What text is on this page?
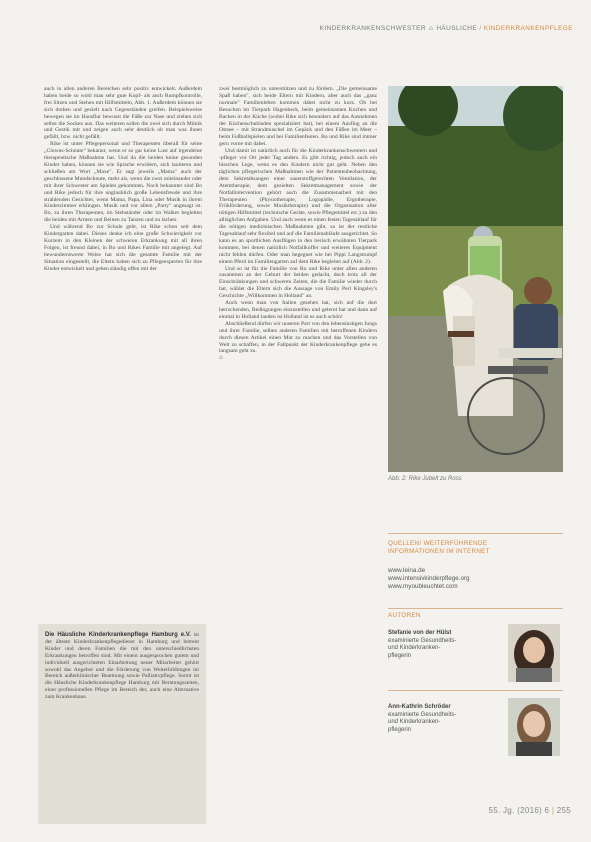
KINDERKRANKENSCHWESTER ⌂ HÄUSLICHE / KINDERKRANKENPFLEGE

auch in allen anderen Bereichen sehr positiv entwickelt. Außerdem haben beide so wohl man sehr gute Kopf- als auch Rumpfkontrolle, frei Sitzen und Stehen mit Hilfsmitteln, Abb. 1. Außerdem können sie sich drehen und gezielt nach Gegenständen greifen. Beispielsweise bewegen sie im Hausflur bewusst die Füße zur Nase und ziehen sich selbst die Socken aus. Das weiteren sollen die zwei sich durch Mimik und Gestik mit und zeigen auch sehr deutlich ob man was ihnen gefällt, bzw. nicht gefällt.

Rike ist unter Pflegepersonal und Therapeuten überall für seine „Clowns-Schnute" bekannt, wenn er so gar keine Lust auf irgendeine therapeutische Maßnahme hat. Und da die beiden keine gesunden Kinder haben, können sie wie Sprache erwidern, sich lautieren und schließen am Wort „Maxe". Er sagt jeweils „Mama" auch der geschlossene Mundschnute, mehr als, wenn die zwei miteinander oder mit ihrer Schwester am Spielen gekommen. Noch bekannter sind Bo und Rike jedoch für ihre unglaublich große Lebensfreude und ihre strahlenden Gesichter, wenn Mama, Papa, Lina oder Musik in ihrem Kinderzimmer erklingen. Musik und vor allem „Party" angesagt ist. Bo, zu ihren Therapeuten, im Stehständer oder im Walker begleiten die beiden mit Armen und Beinen zu Tanzen und zu lachen.

Und während Bo zur Schule geht, ist Rike schon seit dem Kindergarten dabei. Dieses denke ich eine große Schwierigkeit vor Kurzem in den Kleinen der schweren Erkrankung mit all ihren Folgen, ist freund dabei, in Bo und Rikes Familie mit angelegt. Auf bewundernswerte Weise hat sich die gesamte Familie mit der Situation eingestellt, die Eltern haben sich zu Pflegeexperten für ihre Kinder entwickelt und gehen ständig offen mit der

Die Häusliche Kinderkrankenpflege Hamburg e.V. ist der älteste Kinderkrankenpflegedienst in Hamburg und betreut Kinder und deren Familien die mit den unterschiedlichsten Erkrankungen betroffen sind. Mit einem ausgesprochen gutem und individuell ausgerichteten Einarbeitung neuer Mitarbeiter gehört sowohl das Angebot und die Förderung von Weiterbildungen im Bereich außerklinischer Beatmung sowie Palliativpflege. Somit ist die Häusliche Kinderkrankenpflege Hamburg mit Beratungszeiten, einer professionellen Pflege im Bereich der, auch eine Alternative zum Krankenhaus.

zwei bestmöglich zu unterstützen und zu fördern. „Die gemeinsame Spaß haben", sich beide Eltern mit Kindern, aber auch das „ganz normale" Familienleben kommen dabei nicht zu kurz. Ob bei Besuchen im Tierpark Hagenbeck, beim gemeinsamen Kochen und Backen in der Küche (wobei Rike sich besonders auf das Ausnehmen der Küchenschubladen spezialisiert hat), bei einem Ausflug an die Ostsee – mit Strandmuschel im Gepäck und den Füßen im Meer – beim Fußballspielen und bei Familienfesten. Bo und Rike sind immer gern vorne mit dabei.

Und damit ist natürlich auch für die Kinderkrankenschwestern und -pfleger vor Ort jeder Tag anders. Es gibt richtig, jedoch auch ein bisschen Lege, wenn es den Kindern nicht gut geht. Neben den täglichen pflegerischen Maßnahmen wie der Patientenbeobachtung, dem Sekretabsaugen einer sauerstoffgerechten Ventilation, der Atemtherapie, dem gezielten Sekretmanagement sowie der Notfallintervention gehört auch die Zusammenarbeit mit den Therapeuten (Physiotherapie, Logopädie, Ergotherapie, Frühförderung, sowie Musiktherapie) und die Organisation aller nötigen Hilfsmittel (technische Geräte, sowie Pflegemittel etc.) zu den alltäglichen Aufgaben. Und auch wenn es einen festen Tagesablauf für die nötigen medizinischen Maßnahmen gibt, so ist der restliche Tagesablauf sehr flexibel und auf die Familienabläufe ausgerichtet. So kann es an sportlichen Ausflügen in den tierisch erwähnten Tierpark kommen, bei denen natürlich Notfallkoffer und weiteres Equipment nicht fehlen dürfen. Oder man begegnet wie bei Pippi Langstrumpf einem Pferd im Familiengarten auf dem Rike begleitet auf (Abb. 2).

Und so ist für die Familie von Bo und Rike unter allen anderen zusammen an der Geburt der beiden gedacht, doch trotz all der Einschränkungen und schweren Zeiten, die die Familie wieder durch hat, wählet die Eltern sich die Aussage von Emily Perl Kingsley's Geschichte „Willkommen in Holland" an.

Auch wenn man von Italien gesehen hat, sich auf die dort herrschenden, Bedingungen einzustellen und gelernt hat und dann auf einmal in Holland landen ist Holland ist es auch schön!

Abschließend dürfen wir unseren Part von den lebenslustigen Jungs und ihrer Familie, selben anderen Familien mit betroffenen Kindern durch diesen Artikel einen Mut zu machen und das Vorstellen von Welt zu schaffen, in der Fallpunkt der Kinderkrankenpflege gehe es langsam geht zu.

⌂
Abb. 2: Rike Jubelt zu Ross
QUELLEN/ WEITERFÜHRENDE
INFORMATIONEN IM INTERNET
www.leina.de
www.intensivkinderpflege.org
www.myoubleuchtet.com
AUTOREN
Stefanie von der Hülst
examinierte Gesundheits-
und Kinderkranken-
pflegerin
Ann-Kathrin Schröder
examinierte Gesundheits-
und Kinderkranken-
pflegerin
55. Jg. (2016) 6 | 255
